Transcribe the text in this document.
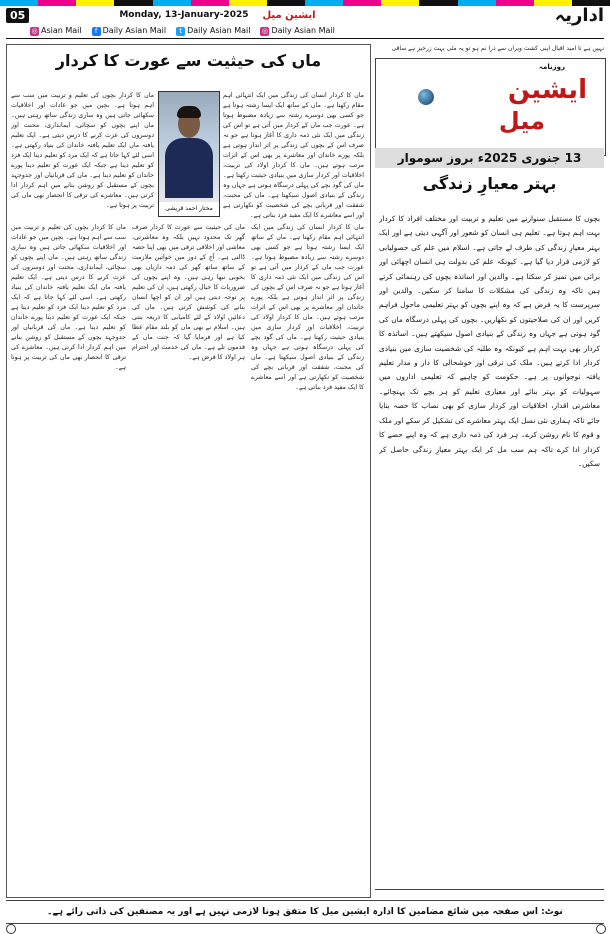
05	Monday, 13-January-2025 ایشین میل	اداریہ
◎ Asian Mail	f Daily Asian Mail	t Daily Asian Mail ◎ Daily Asian Mail
ماں کی حیثیت سے عورت کا کردار
ماں کا کردار انسان کی زندگی میں ایک انتہائی اہم مقام رکھتا ہے۔ ماں کے ساتھ ایک ایسا رشتہ ہوتا ہے جو کسی بھی دوسرے رشتہ سے زیادہ مضبوط ہوتا ہے۔ عورت جب ماں کے کردار میں آتی ہے تو اس کی زندگی میں ایک نئی ذمہ داری کا آغاز ہوتا ہے جو نہ صرف اس کے بچوں کی زندگی پر اثر انداز ہوتی ہے بلکہ پورے خاندان اور معاشرے پر بھی اس کے اثرات مرتب ہوتے ہیں۔ ماں کا کردار اولاد کی تربیت، اخلاقیات اور کردار سازی میں بنیادی حیثیت رکھتا ہے۔ ماں کی گود بچے کی پہلی درسگاہ ہوتی ہے جہاں وہ زندگی کے بنیادی اصول سیکھتا ہے۔ ماں کی محبت، شفقت اور قربانی بچے کی شخصیت کو نکھارتی ہے اور اسے معاشرے کا ایک مفید فرد بناتی ہے۔
ماں کا کردار بچوں کی تعلیم و تربیت میں سب سے اہم ہوتا ہے۔ بچپن میں جو عادات اور اخلاقیات سکھائی جاتی ہیں وہ ساری زندگی ساتھ رہتی ہیں۔ ماں اپنے بچوں کو سچائی، ایمانداری، محنت اور دوسروں کی عزت کرنے کا درس دیتی ہے۔ ایک تعلیم یافتہ ماں ایک تعلیم یافتہ خاندان کی بنیاد رکھتی ہے۔ اسی لئے کہا جاتا ہے کہ ایک مرد کو تعلیم دینا ایک فرد کو تعلیم دینا ہے جبکہ ایک عورت کو تعلیم دینا پورے خاندان کو تعلیم دینا ہے۔ ماں کی قربانیاں اور جدوجہد بچوں کے مستقبل کو روشن بنانے میں اہم کردار ادا کرتی ہیں۔ معاشرے کی ترقی کا انحصار بھی ماں کی تربیت پر ہوتا ہے۔	مختار احمد قریشی
ماں کا کردار انسان کی زندگی میں ایک انتہائی اہم مقام رکھتا ہے۔ ماں کے ساتھ ایک ایسا رشتہ ہوتا ہے جو کسی بھی دوسرے رشتہ سے زیادہ مضبوط ہوتا ہے۔ عورت جب ماں کے کردار میں آتی ہے تو اس کی زندگی میں ایک نئی ذمہ داری کا آغاز ہوتا ہے جو نہ صرف اس کے بچوں کی زندگی پر اثر انداز ہوتی ہے بلکہ پورے خاندان اور معاشرے پر بھی اس کے اثرات مرتب ہوتے ہیں۔ ماں کا کردار اولاد کی تربیت، اخلاقیات اور کردار سازی میں بنیادی حیثیت رکھتا ہے۔ ماں کی گود بچے کی پہلی درسگاہ ہوتی ہے جہاں وہ زندگی کے بنیادی اصول سیکھتا ہے۔ ماں کی محبت، شفقت اور قربانی بچے کی شخصیت کو نکھارتی ہے اور اسے معاشرے کا ایک مفید فرد بناتی ہے۔
ماں کی حیثیت سے عورت کا کردار صرف گھر تک محدود نہیں بلکہ وہ معاشرتی، معاشی اور اخلاقی ترقی میں بھی اپنا حصہ ڈالتی ہے۔ آج کے دور میں خواتین ملازمت کے ساتھ ساتھ گھر کی ذمہ داریاں بھی بخوبی نبھا رہی ہیں۔ وہ اپنے بچوں کی ضروریات کا خیال رکھتی ہیں، ان کی تعلیم پر توجہ دیتی ہیں اور ان کو اچھا انسان بنانے کی کوشش کرتی ہیں۔ ماں کی دعائیں اولاد کے لئے کامیابی کا ذریعہ بنتی ہیں۔ اسلام نے بھی ماں کو بلند مقام عطا کیا ہے اور فرمایا گیا کہ جنت ماں کے قدموں تلے ہے۔ ماں کی خدمت اور احترام ہر اولاد کا فرض ہے۔
ماں کا کردار بچوں کی تعلیم و تربیت میں سب سے اہم ہوتا ہے۔ بچپن میں جو عادات اور اخلاقیات سکھائی جاتی ہیں وہ ساری زندگی ساتھ رہتی ہیں۔ ماں اپنے بچوں کو سچائی، ایمانداری، محنت اور دوسروں کی عزت کرنے کا درس دیتی ہے۔ ایک تعلیم یافتہ ماں ایک تعلیم یافتہ خاندان کی بنیاد رکھتی ہے۔ اسی لئے کہا جاتا ہے کہ ایک مرد کو تعلیم دینا ایک فرد کو تعلیم دینا ہے جبکہ ایک عورت کو تعلیم دینا پورے خاندان کو تعلیم دینا ہے۔ ماں کی قربانیاں اور جدوجہد بچوں کے مستقبل کو روشن بنانے میں اہم کردار ادا کرتی ہیں۔ معاشرے کی ترقی کا انحصار بھی ماں کی تربیت پر ہوتا ہے۔
نہیں ہے نا امید اقبال اپنی کشت ویراں سے ذرا نم ہو تو یہ مٹی بہت زرخیز ہے ساقی
روزنامہ
ایشین
میل
13 جنوری 2025ء بروز سوموار
بہتر معیارِ زندگی
بچوں کا مستقبل سنوارنے میں تعلیم و تربیت اور مختلف افراد کا کردار بہت اہم ہوتا ہے۔ تعلیم ہی انسان کو شعور اور آگہی دیتی ہے اور ایک بہتر معیارِ زندگی کی طرف لے جاتی ہے۔ اسلام میں علم کی حصولیابی کو لازمی قرار دیا گیا ہے۔ کیونکہ علم کی بدولت ہی انسان اچھائی اور برائی میں تمیز کر سکتا ہے۔ والدین اور اساتذہ بچوں کی رہنمائی کرتے ہیں تاکہ وہ زندگی کی مشکلات کا سامنا کر سکیں۔ والدین اور سرپرست کا یہ فرض ہے کہ وہ اپنے بچوں کو بہتر تعلیمی ماحول فراہم کریں اور ان کی صلاحیتوں کو نکھاریں۔ بچوں کی پہلی درسگاہ ماں کی گود ہوتی ہے جہاں وہ زندگی کے بنیادی اصول سیکھتے ہیں۔ اساتذہ کا کردار بھی بہت اہم ہے کیونکہ وہ طلبہ کی شخصیت سازی میں بنیادی کردار ادا کرتے ہیں۔ ملک کی ترقی اور خوشحالی کا دار و مدار تعلیم یافتہ نوجوانوں پر ہے۔ حکومت کو چاہیے کہ تعلیمی اداروں میں سہولیات کو بہتر بنائے اور معیاری تعلیم کو ہر بچے تک پہنچائے۔ معاشرتی اقدار، اخلاقیات اور کردار سازی کو بھی نصاب کا حصہ بنایا جائے تاکہ ہماری نئی نسل ایک بہتر معاشرے کی تشکیل کر سکے اور ملک و قوم کا نام روشن کرے۔ ہر فرد کی ذمہ داری ہے کہ وہ اپنے حصے کا کردار ادا کرے تاکہ ہم سب مل کر ایک بہتر معیارِ زندگی حاصل کر سکیں۔
نوٹ: اس صفحہ میں شائع مضامین کا ادارہ ایشین میل کا متفق ہونا لازمی نہیں ہے اور یہ مصنفین کی ذاتی رائے ہے۔
